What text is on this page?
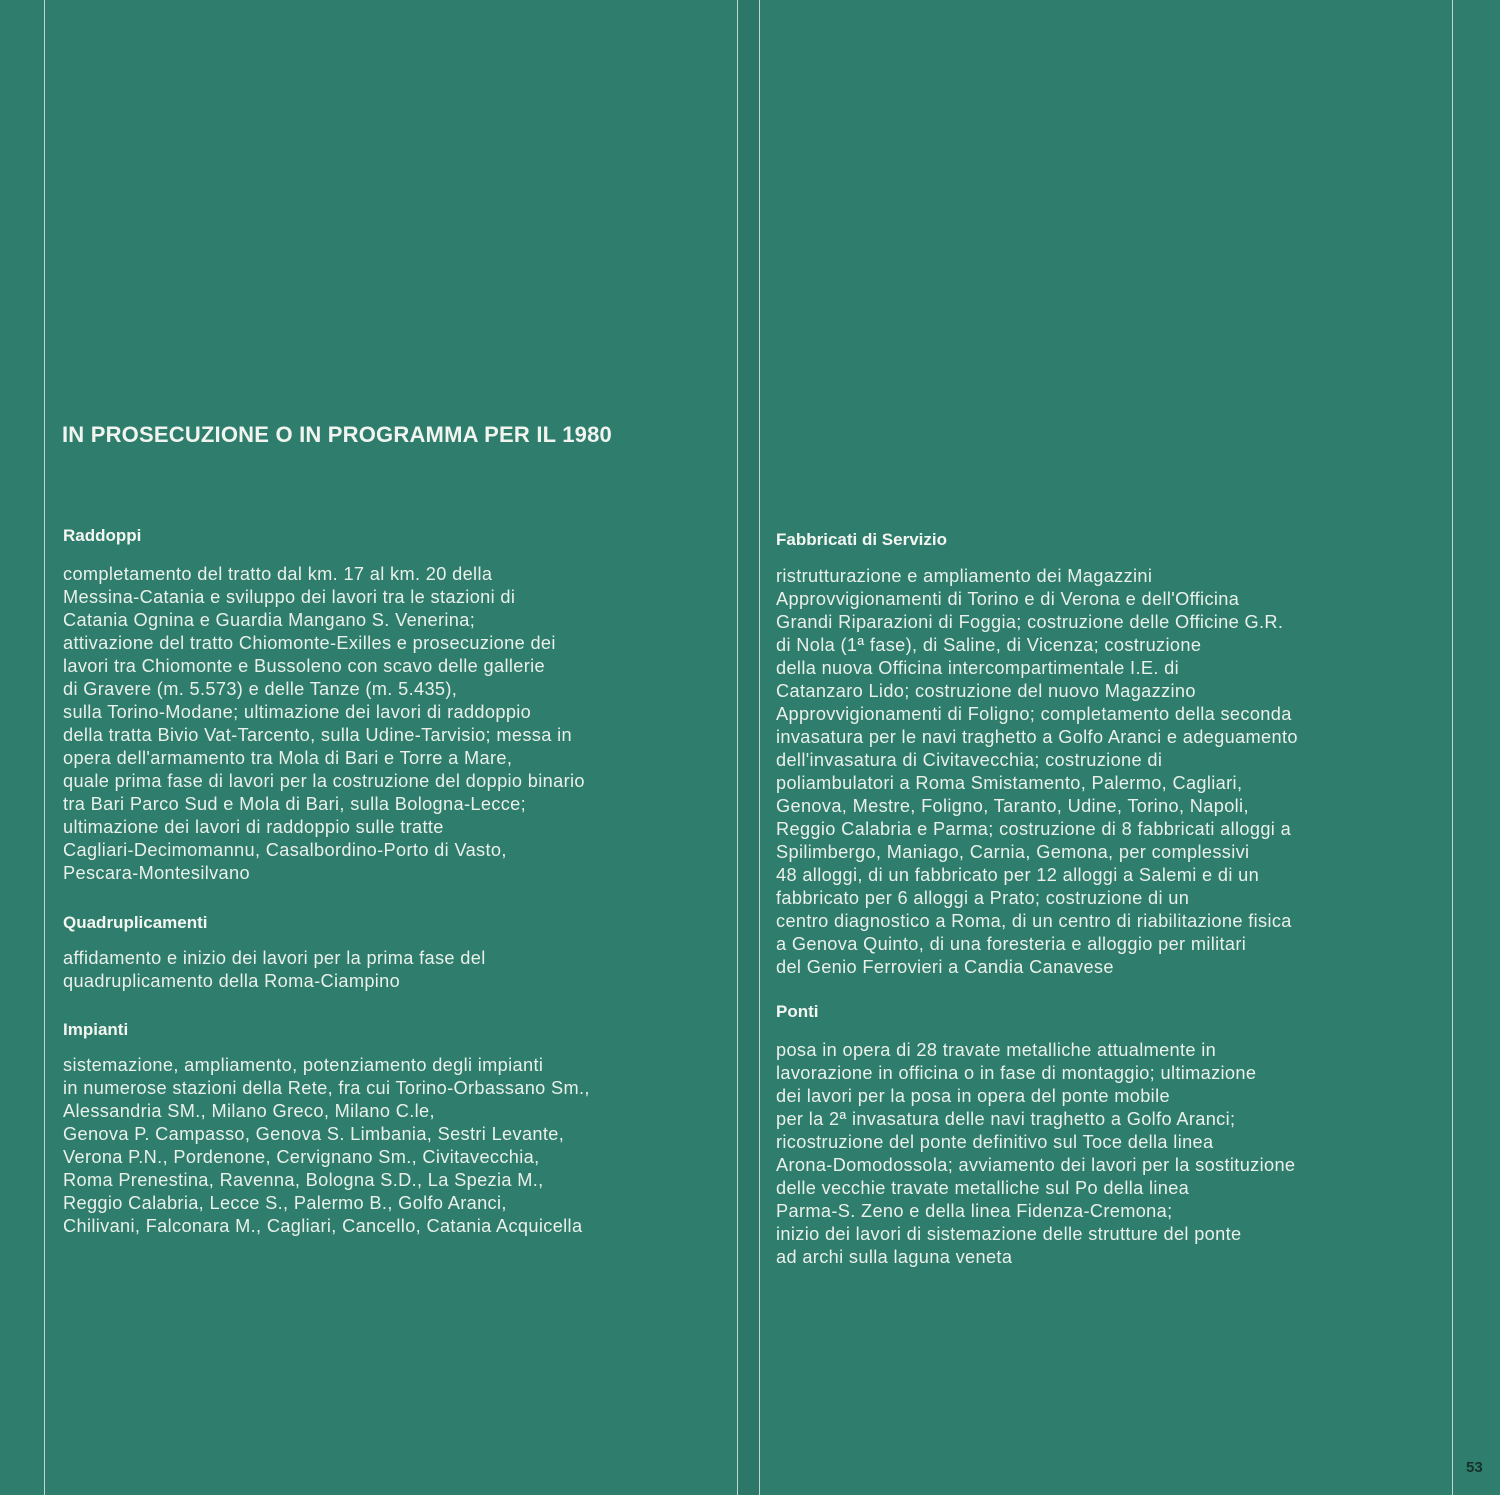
IN PROSECUZIONE O IN PROGRAMMA PER IL 1980
Raddoppi
completamento del tratto dal km. 17 al km. 20 della
Messina-Catania e sviluppo dei lavori tra le stazioni di
Catania Ognina e Guardia Mangano S. Venerina;
attivazione del tratto Chiomonte-Exilles e prosecuzione dei
lavori tra Chiomonte e Bussoleno con scavo delle gallerie
di Gravere (m. 5.573) e delle Tanze (m. 5.435),
sulla Torino-Modane; ultimazione dei lavori di raddoppio
della tratta Bivio Vat-Tarcento, sulla Udine-Tarvisio; messa in
opera dell'armamento tra Mola di Bari e Torre a Mare,
quale prima fase di lavori per la costruzione del doppio binario
tra Bari Parco Sud e Mola di Bari, sulla Bologna-Lecce;
ultimazione dei lavori di raddoppio sulle tratte
Cagliari-Decimomannu, Casalbordino-Porto di Vasto,
Pescara-Montesilvano
Quadruplicamenti
affidamento e inizio dei lavori per la prima fase del
quadruplicamento della Roma-Ciampino
Impianti
sistemazione, ampliamento, potenziamento degli impianti
in numerose stazioni della Rete, fra cui Torino-Orbassano Sm.,
Alessandria SM., Milano Greco, Milano C.le,
Genova P. Campasso, Genova S. Limbania, Sestri Levante,
Verona P.N., Pordenone, Cervignano Sm., Civitavecchia,
Roma Prenestina, Ravenna, Bologna S.D., La Spezia M.,
Reggio Calabria, Lecce S., Palermo B., Golfo Aranci,
Chilivani, Falconara M., Cagliari, Cancello, Catania Acquicella
Fabbricati di Servizio
ristrutturazione e ampliamento dei Magazzini
Approvvigionamenti di Torino e di Verona e dell'Officina
Grandi Riparazioni di Foggia; costruzione delle Officine G.R.
di Nola (1ª fase), di Saline, di Vicenza; costruzione
della nuova Officina intercompartimentale I.E. di
Catanzaro Lido; costruzione del nuovo Magazzino
Approvvigionamenti di Foligno; completamento della seconda
invasatura per le navi traghetto a Golfo Aranci e adeguamento
dell'invasatura di Civitavecchia; costruzione di
poliambulatori a Roma Smistamento, Palermo, Cagliari,
Genova, Mestre, Foligno, Taranto, Udine, Torino, Napoli,
Reggio Calabria e Parma; costruzione di 8 fabbricati alloggi a
Spilimbergo, Maniago, Carnia, Gemona, per complessivi
48 alloggi, di un fabbricato per 12 alloggi a Salemi e di un
fabbricato per 6 alloggi a Prato; costruzione di un
centro diagnostico a Roma, di un centro di riabilitazione fisica
a Genova Quinto, di una foresteria e alloggio per militari
del Genio Ferrovieri a Candia Canavese
Ponti
posa in opera di 28 travate metalliche attualmente in
lavorazione in officina o in fase di montaggio; ultimazione
dei lavori per la posa in opera del ponte mobile
per la 2ª invasatura delle navi traghetto a Golfo Aranci;
ricostruzione del ponte definitivo sul Toce della linea
Arona-Domodossola; avviamento dei lavori per la sostituzione
delle vecchie travate metalliche sul Po della linea
Parma-S. Zeno e della linea Fidenza-Cremona;
inizio dei lavori di sistemazione delle strutture del ponte
ad archi sulla laguna veneta
53
